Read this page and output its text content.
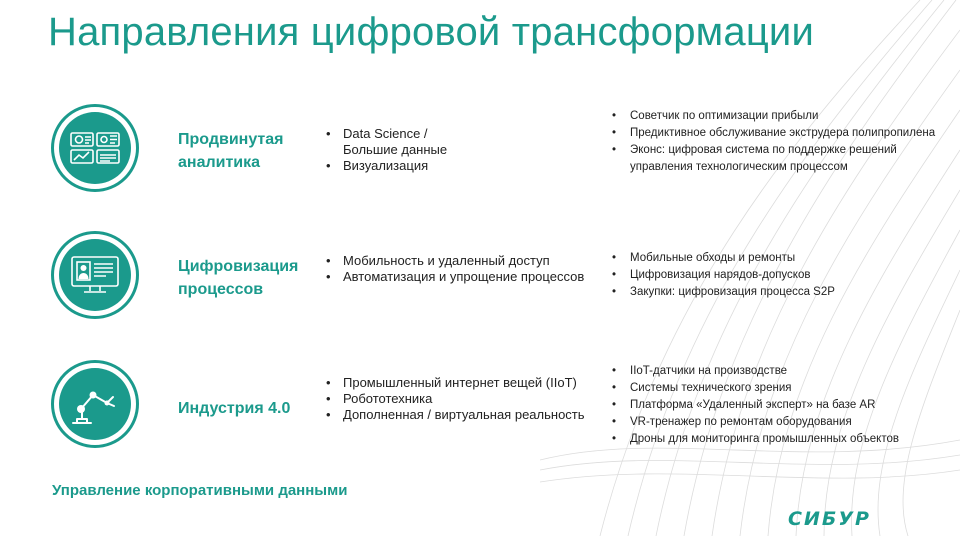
Направления цифровой трансформации

Продвинутая
аналитика

• Data Science /
Большие данные
• Визуализация
• Советчик по оптимизации прибыли
• Предиктивное обслуживание экструдера полипропилена
• Эконс: цифровая система по поддержке решений управления технологическим процессом

Цифровизация
процессов

• Мобильность и удаленный доступ
• Автоматизация и упрощение процессов
• Мобильные обходы и ремонты
• Цифровизация нарядов-допусков
• Закупки: цифровизация процесса S2P

Индустрия 4.0

• Промышленный интернет вещей (IIoT)
• Робототехника
• Дополненная / виртуальная реальность
• IIoT-датчики на производстве
• Системы технического зрения
• Платформа «Удаленный эксперт» на базе AR
• VR-тренажер по ремонтам оборудования
• Дроны для мониторинга промышленных объектов

Управление корпоративными данными

СИБУР
